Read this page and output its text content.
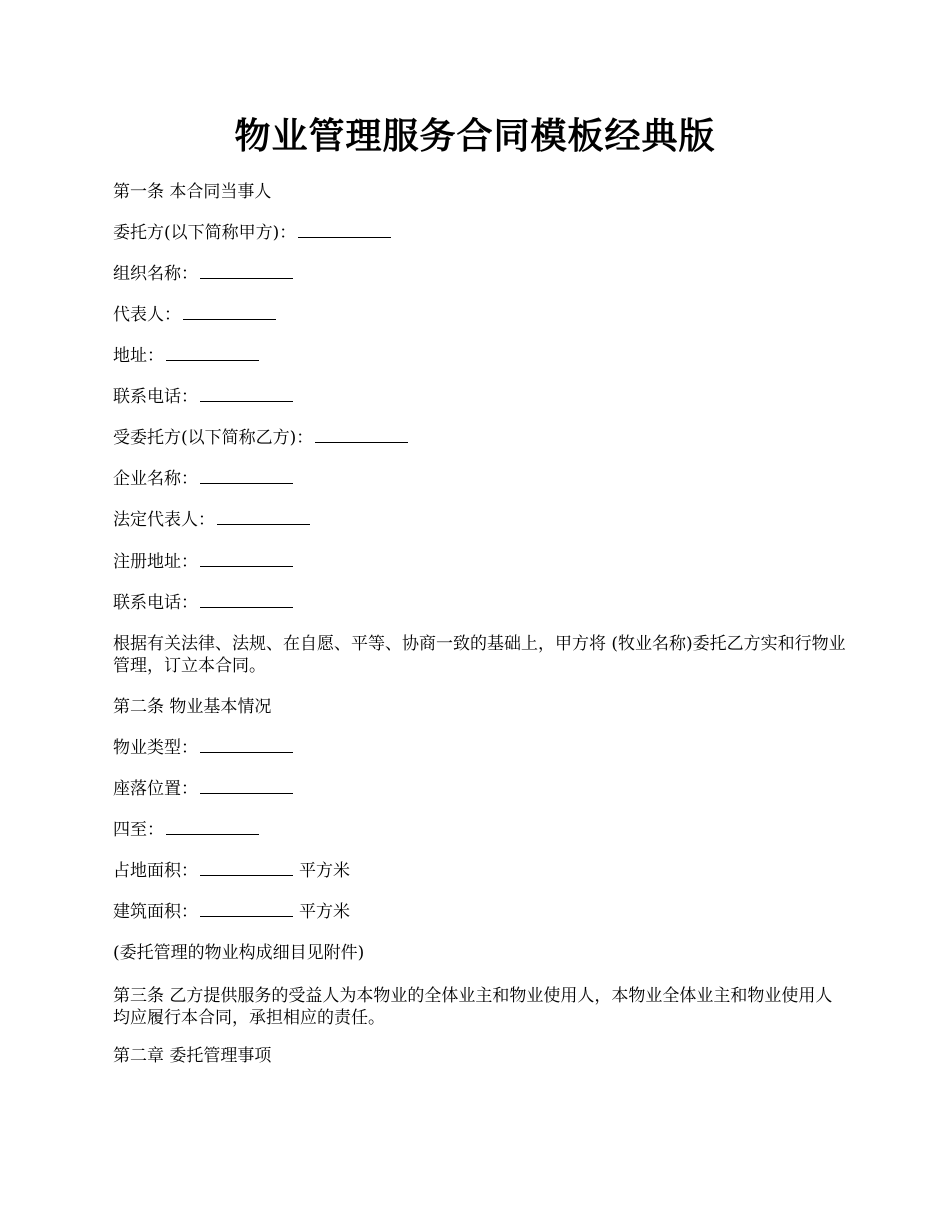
物业管理服务合同模板经典版
第一条 本合同当事人
委托方(以下简称甲方)：
组织名称：
代表人：
地址：
联系电话：
受委托方(以下简称乙方)：
企业名称：
法定代表人：
注册地址：
联系电话：
根据有关法律、法规、在自愿、平等、协商一致的基础上，甲方将 (牧业名称)委托乙方实和行物业管理，订立本合同。
第二条 物业基本情况
物业类型：
座落位置：
四至：
占地面积：	平方米
建筑面积：	平方米
(委托管理的物业构成细目见附件)
第三条 乙方提供服务的受益人为本物业的全体业主和物业使用人，本物业全体业主和物业使用人均应履行本合同，承担相应的责任。
第二章 委托管理事项
